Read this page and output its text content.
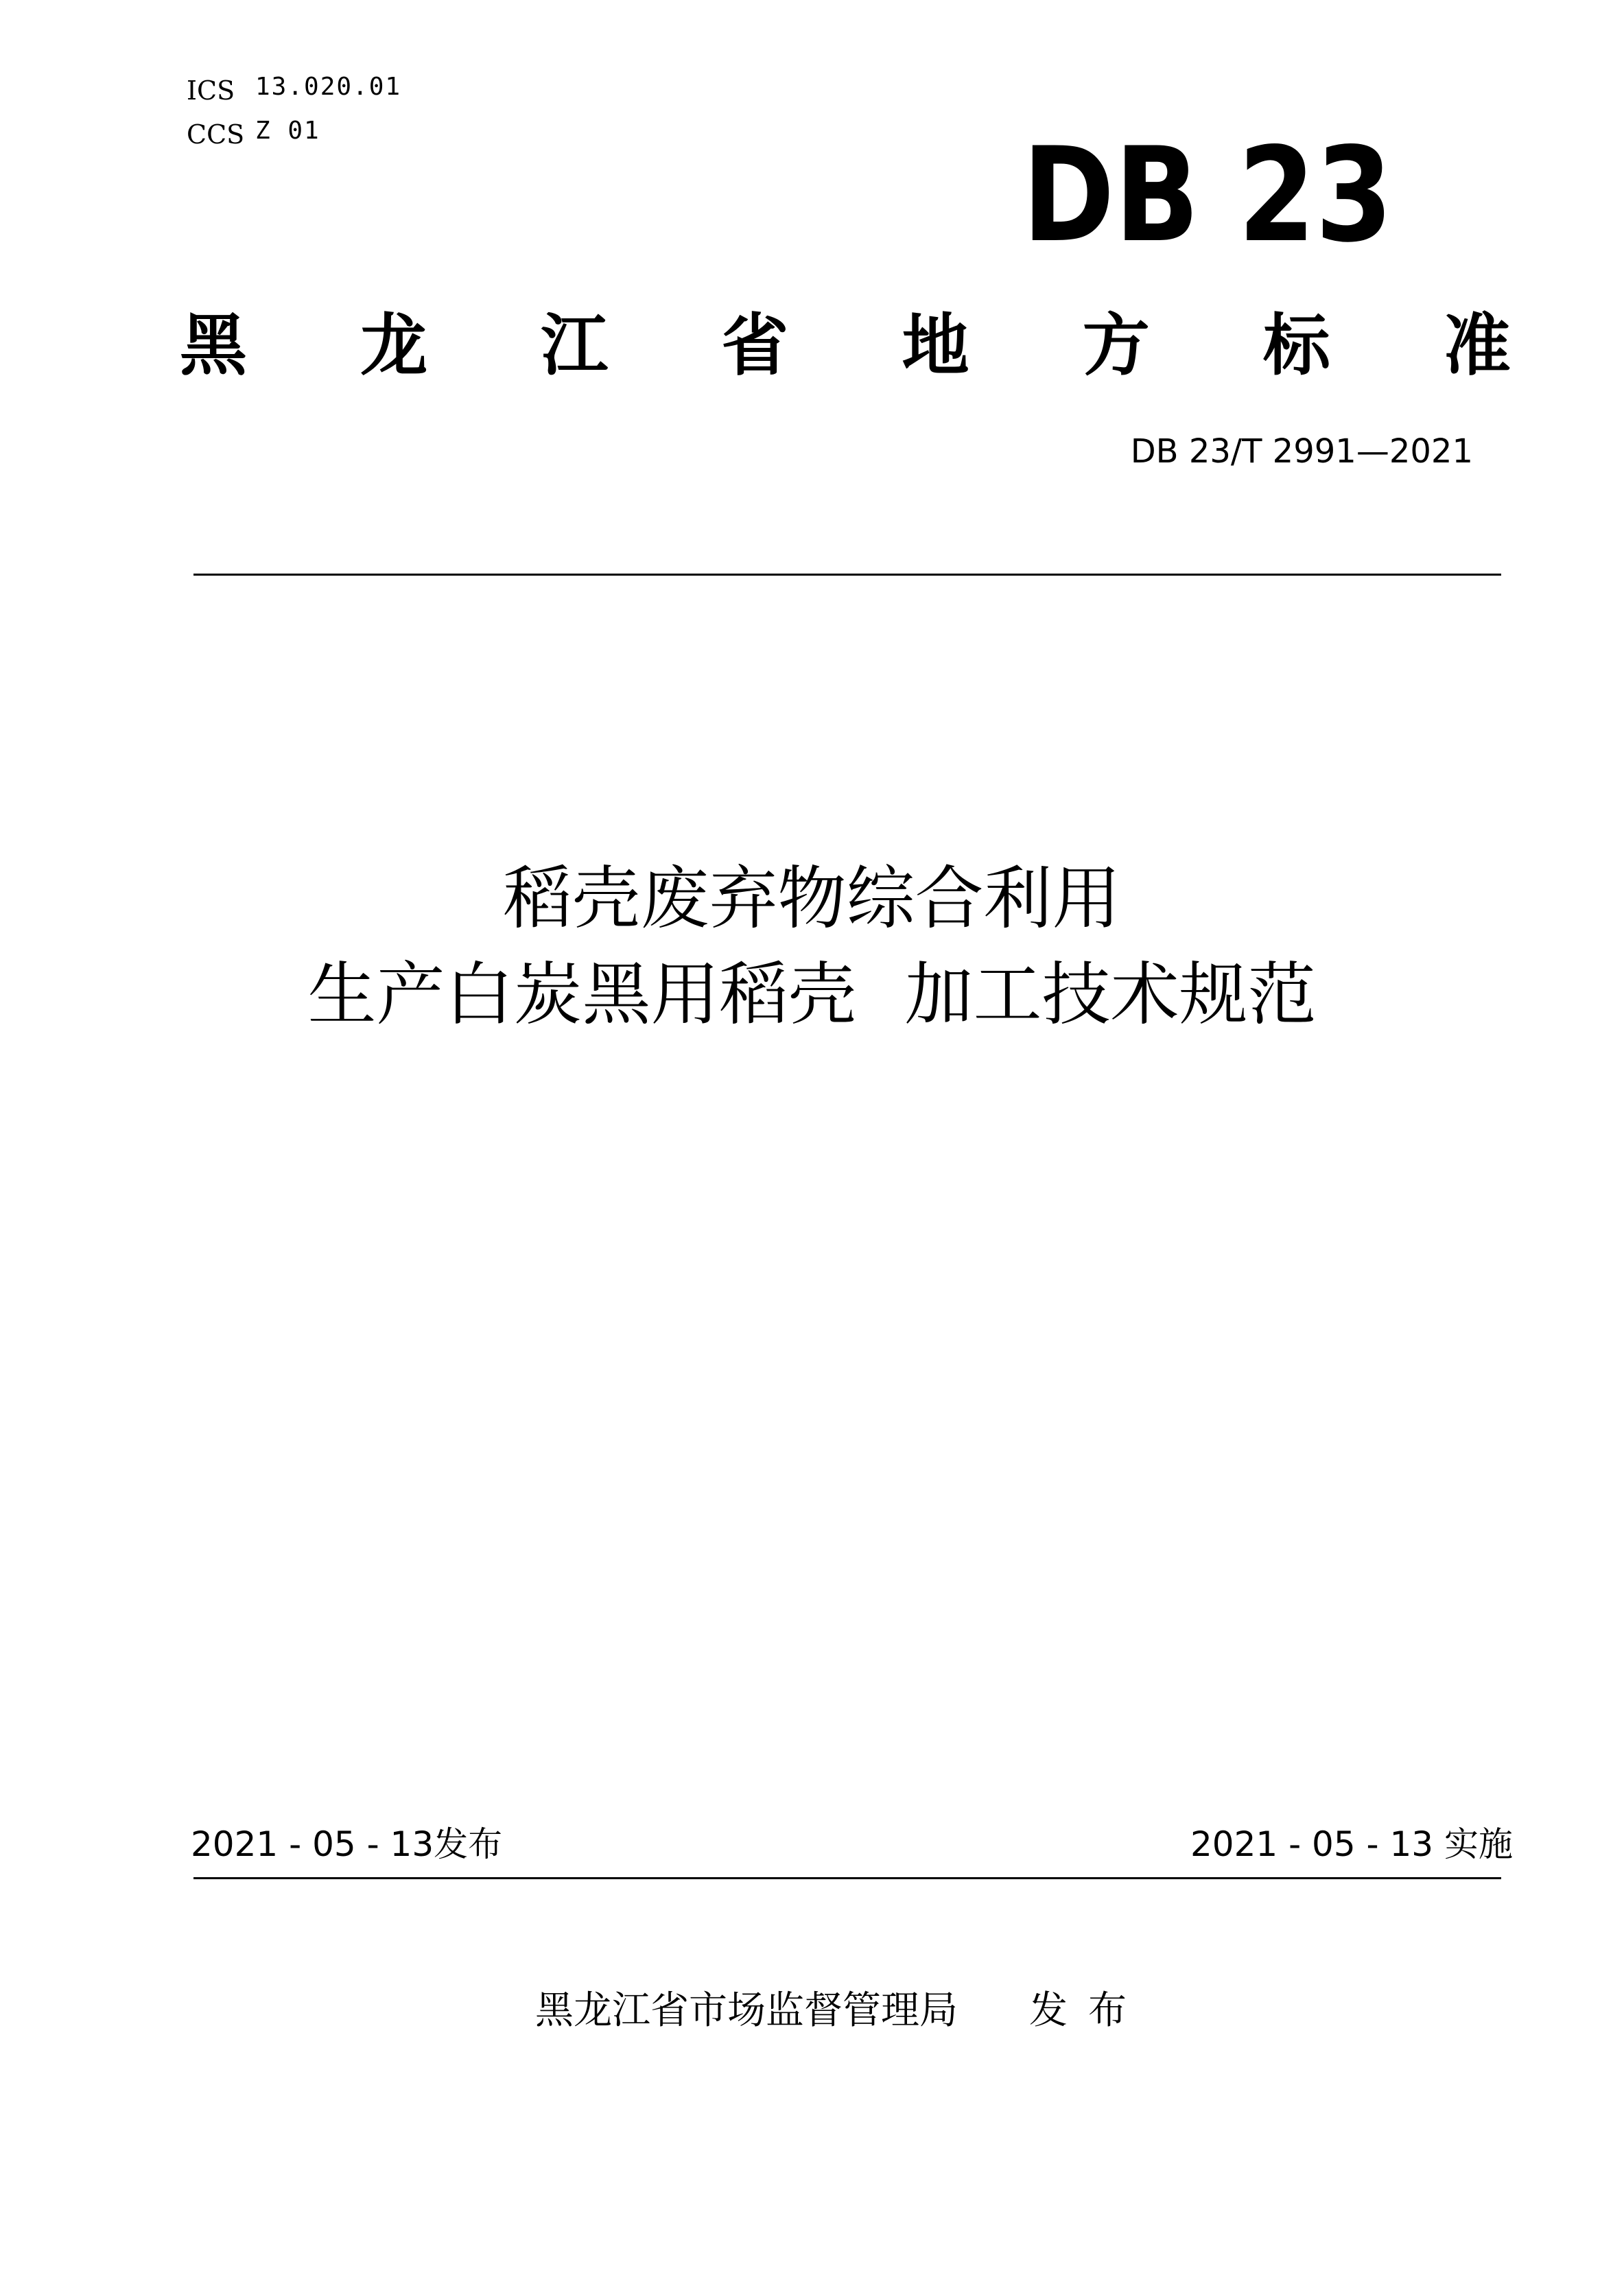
ICS 13.020.01
CCS Z 01	DB 23
黑 龙 江 省 地 方 标 准
DB 23/T 2991—2021
稻壳废弃物综合利用
生产白炭黑用稻壳 加工技术规范
2021 - 05 - 13发布	2021 - 05 - 13 实施
黑龙江省市场监督管理局 发布
